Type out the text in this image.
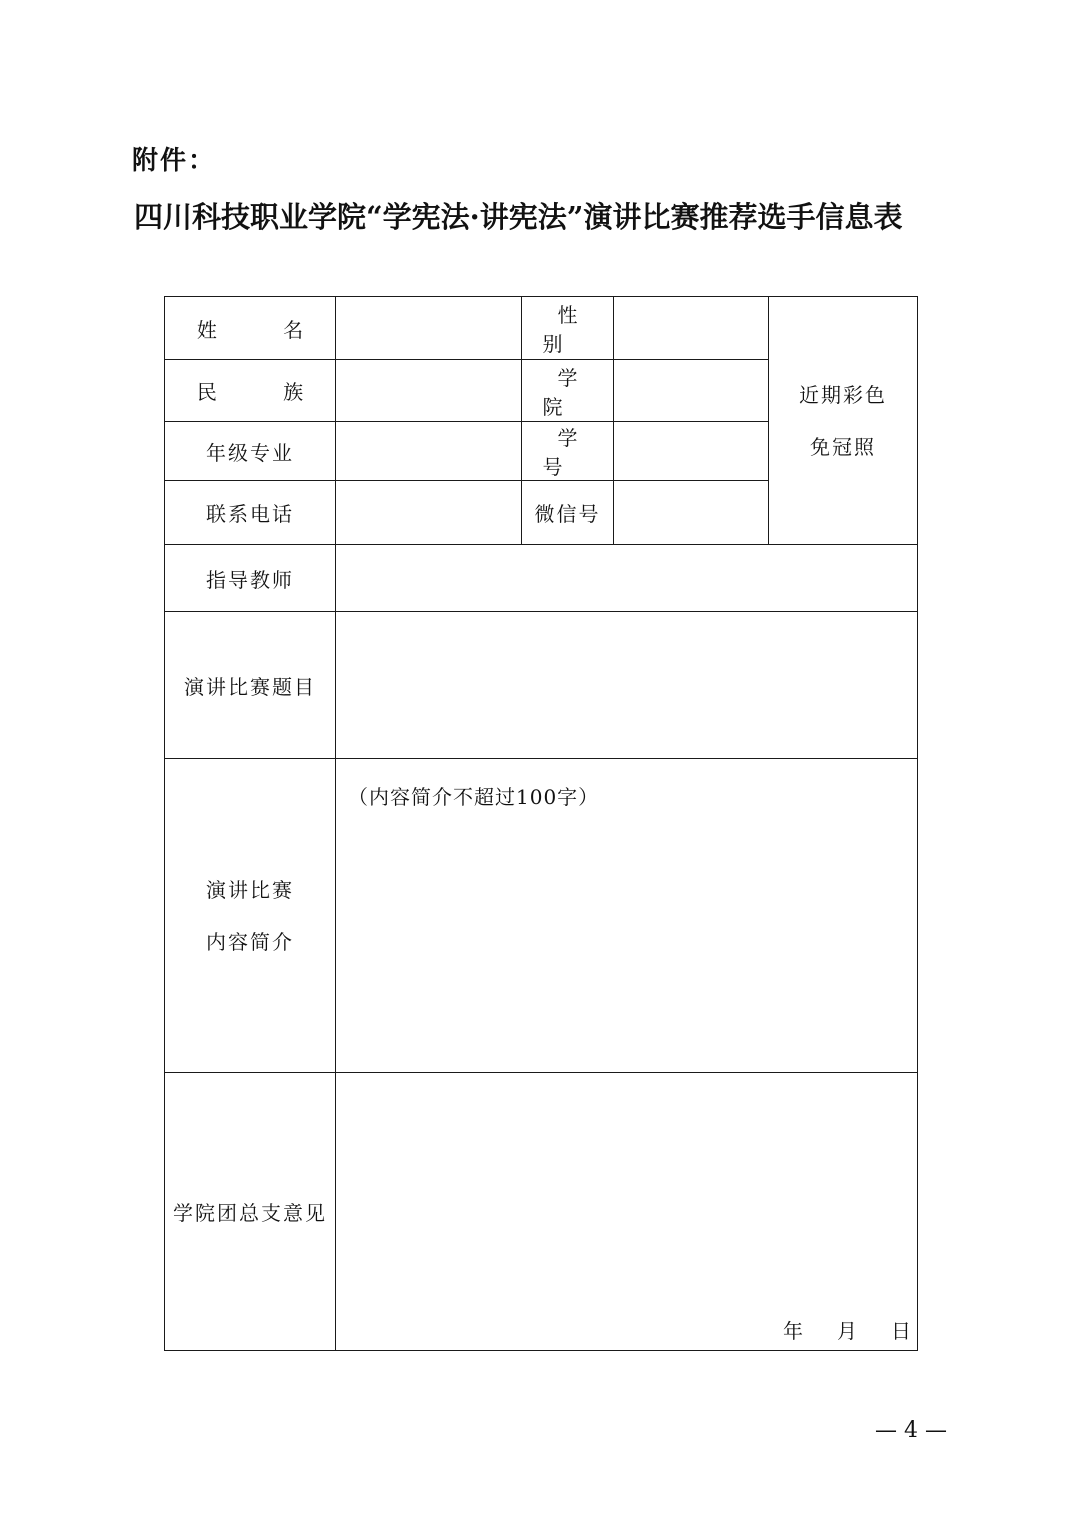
附件：
四川科技职业学院“学宪法·讲宪法”演讲比赛推荐选手信息表
姓 名		性 别		近期彩色
免冠照

民 族		学 院		
年级专业		学 号		
联系电话		微信号		
指导教师				
演讲比赛题目				

演讲比赛
内容简介	（内容简介不超过100字）			

学院团总支意见	年 月 日			
— 4 —
